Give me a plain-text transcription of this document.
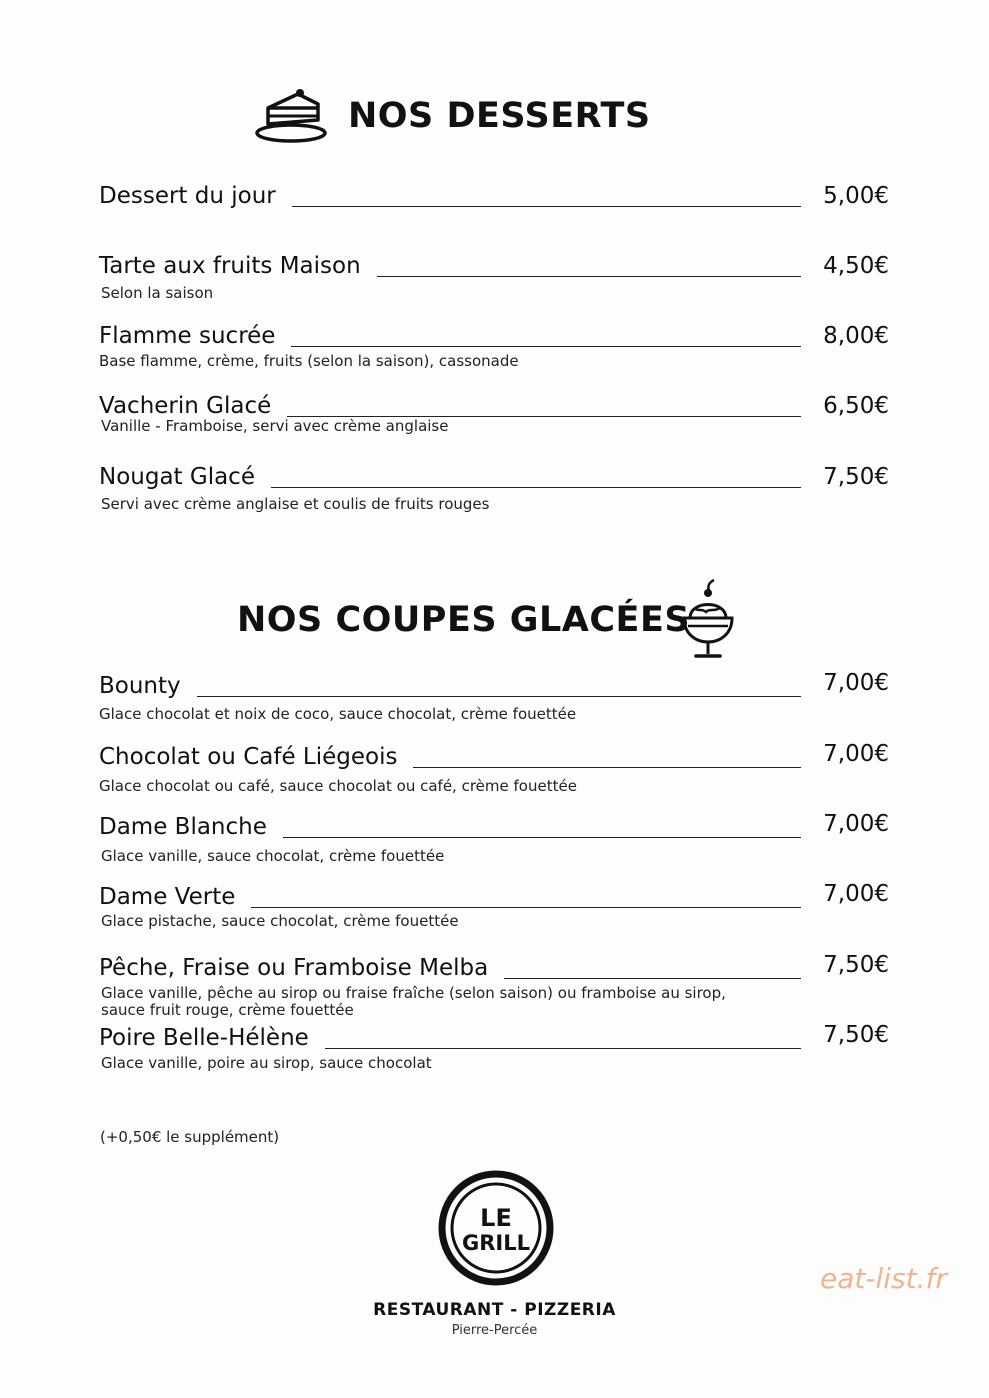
NOS DESSERTS
Dessert du jour	5,00€
Tarte aux fruits Maison	4,50€
Selon la saison
Flamme sucrée	8,00€
Base flamme, crème, fruits (selon la saison), cassonade
Vacherin Glacé	6,50€
Vanille - Framboise, servi avec crème anglaise
Nougat Glacé	7,50€
Servi avec crème anglaise et coulis de fruits rouges
NOS COUPES GLACÉES
Bounty	7,00€
Glace chocolat et noix de coco, sauce chocolat, crème fouettée
Chocolat ou Café Liégeois	7,00€
Glace chocolat ou café, sauce chocolat ou café, crème fouettée
Dame Blanche	7,00€
Glace vanille, sauce chocolat, crème fouettée
Dame Verte	7,00€
Glace pistache, sauce chocolat, crème fouettée
Pêche, Fraise ou Framboise Melba	7,50€
Glace vanille, pêche au sirop ou fraise fraîche (selon saison) ou framboise au sirop, sauce fruit rouge, crème fouettée
Poire Belle-Hélène	7,50€
Glace vanille, poire au sirop, sauce chocolat
(+0,50€ le supplément)
LE
GRILL
RESTAURANT - PIZZERIA
Pierre-Percée
eat-list.fr
